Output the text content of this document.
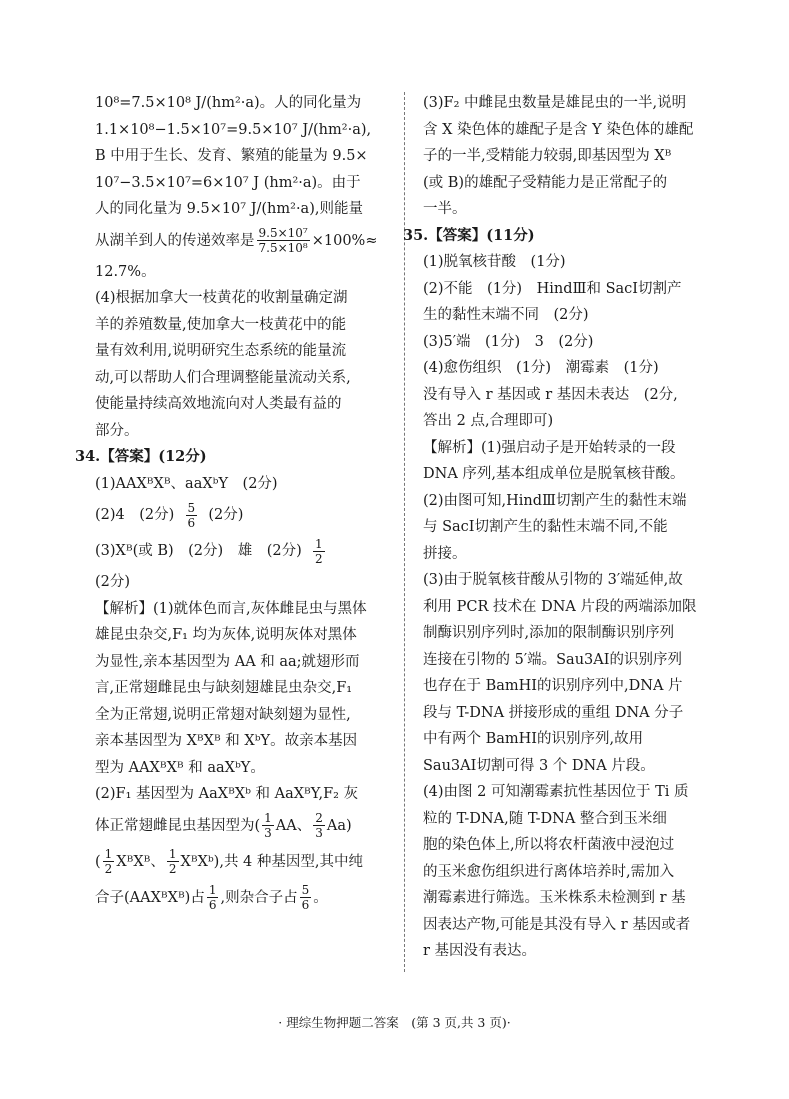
10⁸=7.5×10⁸ J/(hm²·a)。人的同化量为
1.1×10⁸−1.5×10⁷=9.5×10⁷ J/(hm²·a),
B 中用于生长、发育、繁殖的能量为 9.5×
10⁷−3.5×10⁷=6×10⁷ J (hm²·a)。由于
人的同化量为 9.5×10⁷ J/(hm²·a),则能量
从湖羊到人的传递效率是 $\frac{\text{9.5×10⁷}}{\text{7.5×10⁸}} \times 100\%\approx$
12.7%。
(4)根据加拿大一枝黄花的收割量确定湖
羊的养殖数量,使加拿大一枝黄花中的能
量有效利用,说明研究生态系统的能量流
动,可以帮助人们合理调整能量流动关系,
使能量持续高效地流向对人类最有益的
部分。
34.【答案】(12分)
(1)AAXᴮXᴮ、aaXᵇY　(2分)
(2)4　(2分) $\frac{5}{6} (2$分)
(3)Xᴮ(或 B)　(2分)　雄　(2分) $\frac{1}{2}$
(2分)
【解析】(1)就体色而言,灰体雌昆虫与黑体
雄昆虫杂交,F₁ 均为灰体,说明灰体对黑体
为显性,亲本基因型为 AA 和 aa;就翅形而
言,正常翅雌昆虫与缺刻翅雄昆虫杂交,F₁
全为正常翅,说明正常翅对缺刻翅为显性,
亲本基因型为 XᴮXᴮ 和 XᵇY。故亲本基因
型为 AAXᴮXᴮ 和 aaXᵇY。
(2)F₁ 基因型为 AaXᴮXᵇ 和 AaXᴮY,F₂ 灰
体正常翅雌昆虫基因型为( $\frac{1}{3}$ AA、 $\frac{2}{3} Aa$)
( $\frac{1}{2}$ XᴮXᴮ、 $\frac{1}{2}$ XᴮXᵇ),共 4 种基因型,其中纯
合子(AAXᴮXᴮ)占 $\frac{1}{6}$ ,则杂合子占 $\frac{5}{6}$ 。
(3)F₂ 中雌昆虫数量是雄昆虫的一半,说明
含 X 染色体的雄配子是含 Y 染色体的雄配
子的一半,受精能力较弱,即基因型为 Xᴮ
(或 B)的雄配子受精能力是正常配子的
一半。
35.【答案】(11分)
(1)脱氧核苷酸　(1分)
(2)不能　(1分)　HindⅢ和 SacⅠ切割产
生的黏性末端不同　(2分)
(3)5′端　(1分)　3　(2分)
(4)愈伤组织　(1分)　潮霉素　(1分)
没有导入 r 基因或 r 基因未表达　(2分,
答出 2 点,合理即可)
【解析】(1)强启动子是开始转录的一段
DNA 序列,基本组成单位是脱氧核苷酸。
(2)由图可知,HindⅢ切割产生的黏性末端
与 SacⅠ切割产生的黏性末端不同,不能
拼接。
(3)由于脱氧核苷酸从引物的 3′端延伸,故
利用 PCR 技术在 DNA 片段的两端添加限
制酶识别序列时,添加的限制酶识别序列
连接在引物的 5′端。Sau3AⅠ的识别序列
也存在于 BamHⅠ的识别序列中,DNA 片
段与 T-DNA 拼接形成的重组 DNA 分子
中有两个 BamHⅠ的识别序列,故用
Sau3AⅠ切割可得 3 个 DNA 片段。
(4)由图 2 可知潮霉素抗性基因位于 Ti 质
粒的 T-DNA,随 T-DNA 整合到玉米细
胞的染色体上,所以将农杆菌液中浸泡过
的玉米愈伤组织进行离体培养时,需加入
潮霉素进行筛选。玉米株系未检测到 r 基
因表达产物,可能是其没有导入 r 基因或者
r 基因没有表达。
· 理综生物押题二答案　(第 3 页,共 3 页)·
